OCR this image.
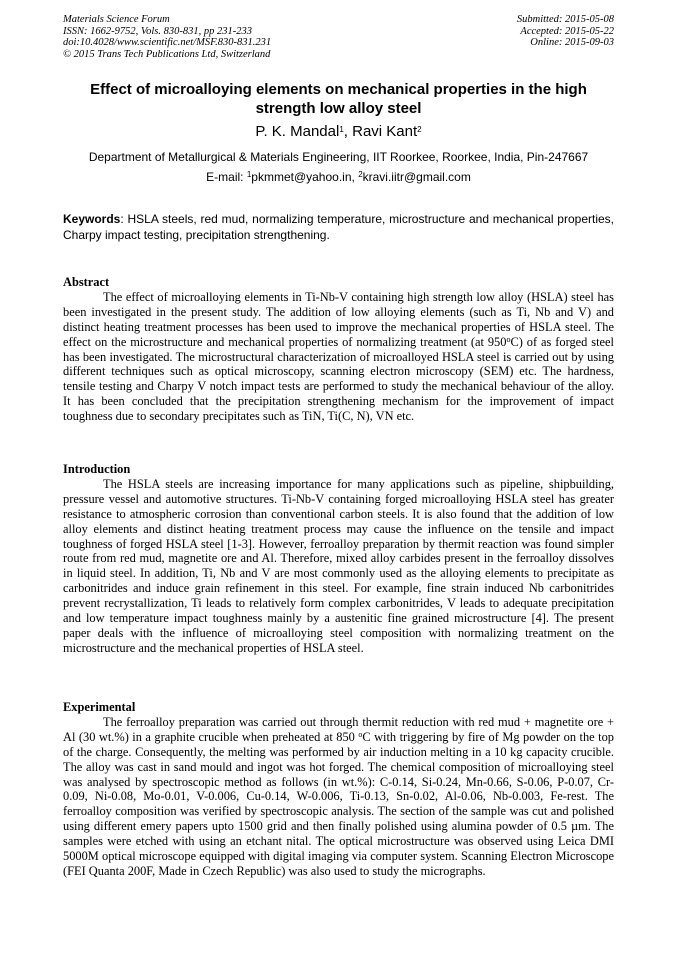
Materials Science Forum
ISSN: 1662-9752, Vols. 830-831, pp 231-233
doi:10.4028/www.scientific.net/MSF.830-831.231
© 2015 Trans Tech Publications Ltd, Switzerland
Submitted: 2015-05-08
Accepted: 2015-05-22
Online: 2015-09-03
Effect of microalloying elements on mechanical properties in the high strength low alloy steel
P. K. Mandal$^1$, Ravi Kant$^2$
Department of Metallurgical & Materials Engineering, IIT Roorkee, Roorkee, India, Pin-247667
E-mail: $^1$pkmmet@yahoo.in, $^2$kravi.iitr@gmail.com
Keywords: HSLA steels, red mud, normalizing temperature, microstructure and mechanical properties, Charpy impact testing, precipitation strengthening.
Abstract

The effect of microalloying elements in Ti-Nb-V containing high strength low alloy (HSLA) steel has been investigated in the present study. The addition of low alloying elements (such as Ti, Nb and V) and distinct heating treatment processes has been used to improve the mechanical properties of HSLA steel. The effect on the microstructure and mechanical properties of normalizing treatment (at 950$^o$C) of as forged steel has been investigated. The microstructural characterization of microalloyed HSLA steel is carried out by using different techniques such as optical microscopy, scanning electron microscopy (SEM) etc. The hardness, tensile testing and Charpy V notch impact tests are performed to study the mechanical behaviour of the alloy. It has been concluded that the precipitation strengthening mechanism for the improvement of impact toughness due to secondary precipitates such as TiN, Ti(C, N), VN etc.

Introduction

The HSLA steels are increasing importance for many applications such as pipeline, shipbuilding, pressure vessel and automotive structures. Ti-Nb-V containing forged microalloying HSLA steel has greater resistance to atmospheric corrosion than conventional carbon steels. It is also found that the addition of low alloy elements and distinct heating treatment process may cause the influence on the tensile and impact toughness of forged HSLA steel [1-3]. However, ferroalloy preparation by thermit reaction was found simpler route from red mud, magnetite ore and Al. Therefore, mixed alloy carbides present in the ferroalloy dissolves in liquid steel. In addition, Ti, Nb and V are most commonly used as the alloying elements to precipitate as carbonitrides and induce grain refinement in this steel. For example, fine strain induced Nb carbonitrides prevent recrystallization, Ti leads to relatively form complex carbonitrides, V leads to adequate precipitation and low temperature impact toughness mainly by a austenitic fine grained microstructure [4]. The present paper deals with the influence of microalloying steel composition with normalizing treatment on the microstructure and the mechanical properties of HSLA steel.

Experimental

The ferroalloy preparation was carried out through thermit reduction with red mud + magnetite ore + Al (30 wt.%) in a graphite crucible when preheated at 850 $^o$C with triggering by fire of Mg powder on the top of the charge. Consequently, the melting was performed by air induction melting in a 10 kg capacity crucible. The alloy was cast in sand mould and ingot was hot forged. The chemical composition of microalloying steel was analysed by spectroscopic method as follows (in wt.%): C-0.14, Si-0.24, Mn-0.66, S-0.06, P-0.07, Cr-0.09, Ni-0.08, Mo-0.01, V-0.006, Cu-0.14, W-0.006, Ti-0.13, Sn-0.02, Al-0.06, Nb-0.003, Fe-rest. The ferroalloy composition was verified by spectroscopic analysis. The section of the sample was cut and polished using different emery papers upto 1500 grid and then finally polished using alumina powder of 0.5 µm. The samples were etched with using an etchant nital. The optical microstructure was observed using Leica DMI 5000M optical microscope equipped with digital imaging via computer system. Scanning Electron Microscope (FEI Quanta 200F, Made in Czech Republic) was also used to study the micrographs.
